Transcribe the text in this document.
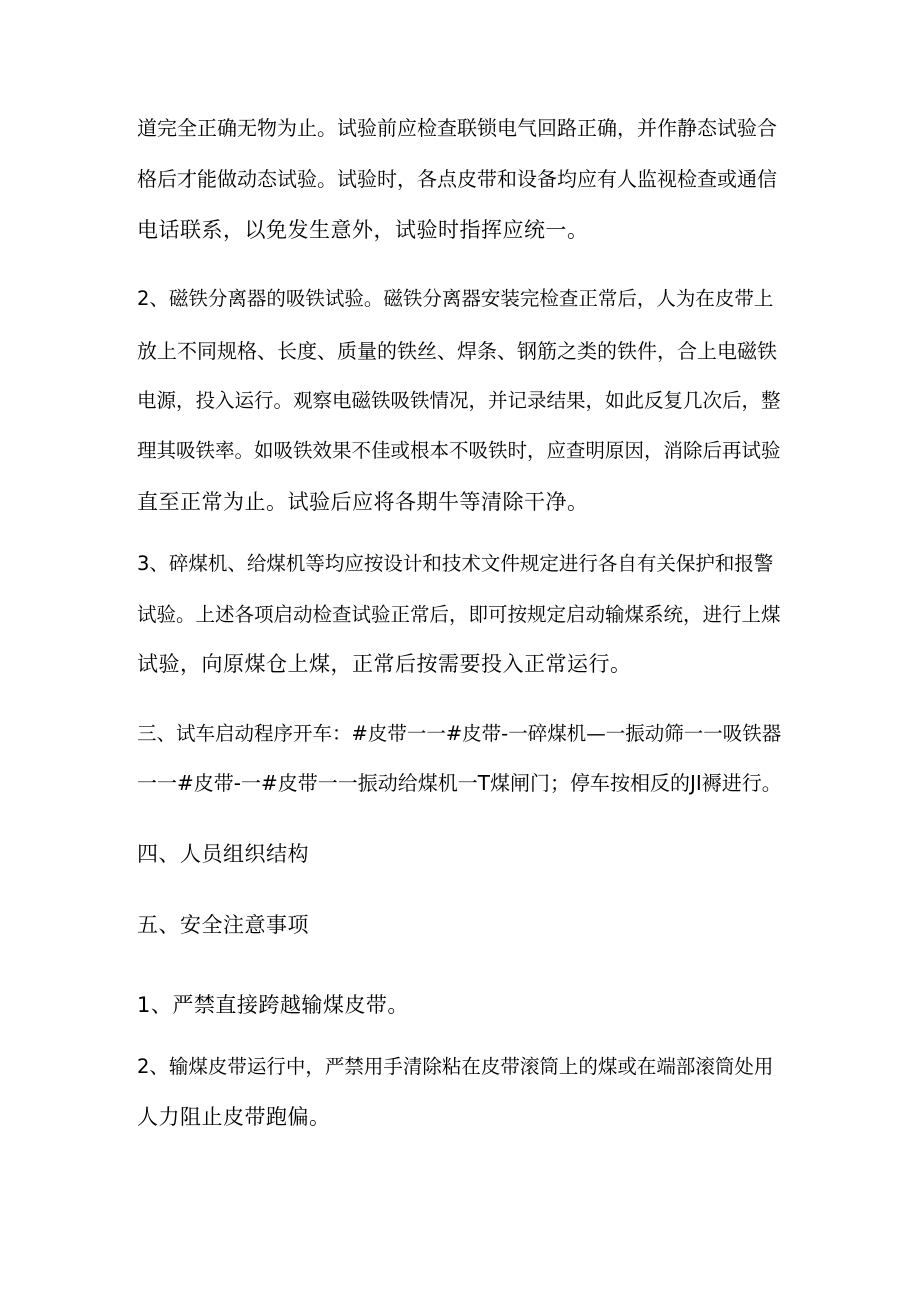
道完全正确无物为止。试验前应检查联锁电气回路正确，并作静态试验合
格后才能做动态试验。试验时，各点皮带和设备均应有人监视检查或通信
电话联系，以免发生意外，试验时指挥应统一。
2、磁铁分离器的吸铁试验。磁铁分离器安装完检查正常后，人为在皮带上
放上不同规格、长度、质量的铁丝、焊条、钢筋之类的铁件，合上电磁铁
电源，投入运行。观察电磁铁吸铁情况，并记录结果，如此反复几次后，整
理其吸铁率。如吸铁效果不佳或根本不吸铁时，应查明原因，消除后再试验
直至正常为止。试验后应将各期牛等清除干净。
3、碎煤机、给煤机等均应按设计和技术文件规定进行各自有关保护和报警
试验。上述各项启动检查试验正常后，即可按规定启动输煤系统，进行上煤
试验，向原煤仓上煤，正常后按需要投入正常运行。
三、试车启动程序开车：#皮带一一#皮带-一碎煤机—一振动筛一一吸铁器
一一#皮带-一#皮带一一振动给煤机一T煤闸门；停车按相反的JI褥进行。
四、人员组织结构
五、安全注意事项
1、严禁直接跨越输煤皮带。
2、输煤皮带运行中，严禁用手清除粘在皮带滚筒上的煤或在端部滚筒处用
人力阻止皮带跑偏。
